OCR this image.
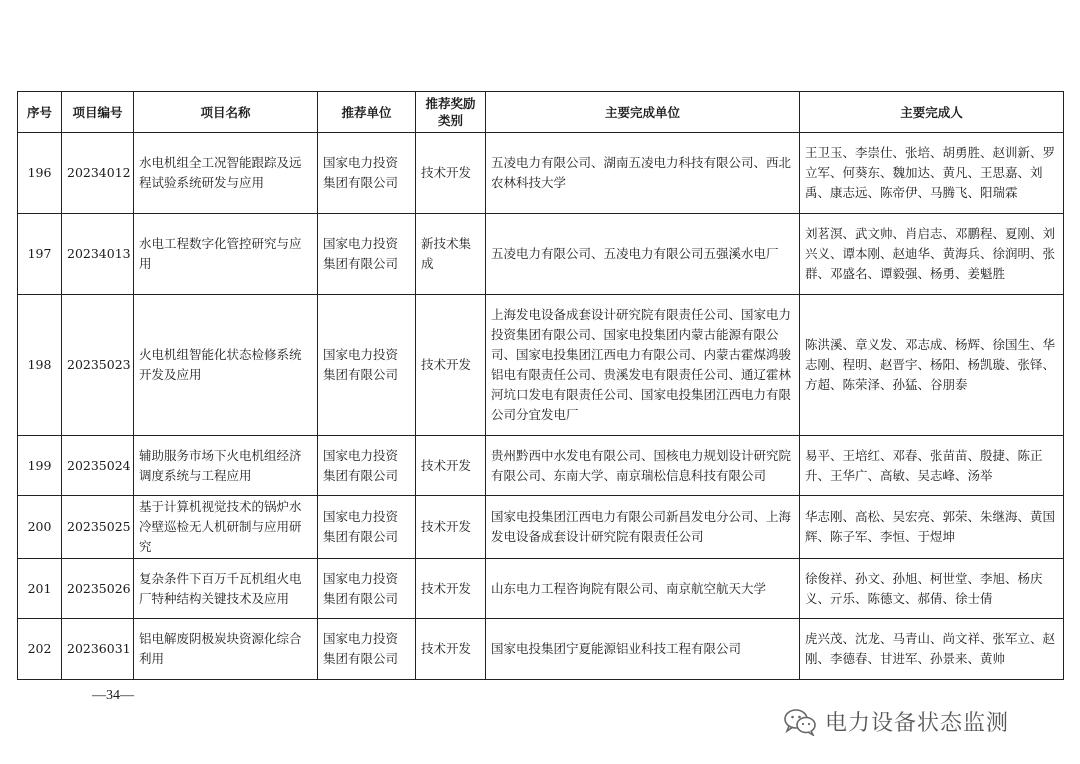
序号	项目编号	项目名称	推荐单位	推荐奖励类别	主要完成单位	主要完成人
196	20234012	水电机组全工况智能跟踪及远程试验系统研发与应用	国家电力投资集团有限公司	技术开发	五凌电力有限公司、湖南五凌电力科技有限公司、西北农林科技大学	王卫玉、李崇仕、张培、胡勇胜、赵训新、罗立军、何葵东、魏加达、黄凡、王思嘉、刘禹、康志远、陈帝伊、马腾飞、阳瑞霖
197	20234013	水电工程数字化管控研究与应用	国家电力投资集团有限公司	新技术集成	五凌电力有限公司、五凌电力有限公司五强溪水电厂	刘茗溟、武文帅、肖启志、邓鹏程、夏刚、刘兴义、谭本刚、赵迪华、黄海兵、徐润明、张群、邓盛名、谭毅强、杨勇、姜魁胜
198	20235023	火电机组智能化状态检修系统开发及应用	国家电力投资集团有限公司	技术开发	上海发电设备成套设计研究院有限责任公司、国家电力投资集团有限公司、国家电投集团内蒙古能源有限公司、国家电投集团江西电力有限公司、内蒙古霍煤鸿骏铝电有限责任公司、贵溪发电有限责任公司、通辽霍林河坑口发电有限责任公司、国家电投集团江西电力有限公司分宜发电厂	陈洪溪、章义发、邓志成、杨辉、徐国生、华志刚、程明、赵晋宇、杨阳、杨凯璇、张铎、方超、陈荣泽、孙猛、谷朋泰
199	20235024	辅助服务市场下火电机组经济调度系统与工程应用	国家电力投资集团有限公司	技术开发	贵州黔西中水发电有限公司、国核电力规划设计研究院有限公司、东南大学、南京瑞松信息科技有限公司	易平、王培红、邓春、张苗苗、殷捷、陈正升、王华广、高敏、吴志峰、汤举
200	20235025	基于计算机视觉技术的锅炉水冷壁巡检无人机研制与应用研究	国家电力投资集团有限公司	技术开发	国家电投集团江西电力有限公司新昌发电分公司、上海发电设备成套设计研究院有限责任公司	华志刚、高松、吴宏亮、郭荣、朱继海、黄国辉、陈子军、李恒、于煜坤
201	20235026	复杂条件下百万千瓦机组火电厂特种结构关键技术及应用	国家电力投资集团有限公司	技术开发	山东电力工程咨询院有限公司、南京航空航天大学	徐俊祥、孙文、孙旭、柯世堂、李旭、杨庆义、亓乐、陈德文、郝倩、徐士倩
202	20236031	铝电解废阴极炭块资源化综合利用	国家电力投资集团有限公司	技术开发	国家电投集团宁夏能源铝业科技工程有限公司	虎兴茂、沈龙、马青山、尚文祥、张军立、赵刚、李德春、甘进军、孙景来、黄帅
—34—
电力设备状态监测
